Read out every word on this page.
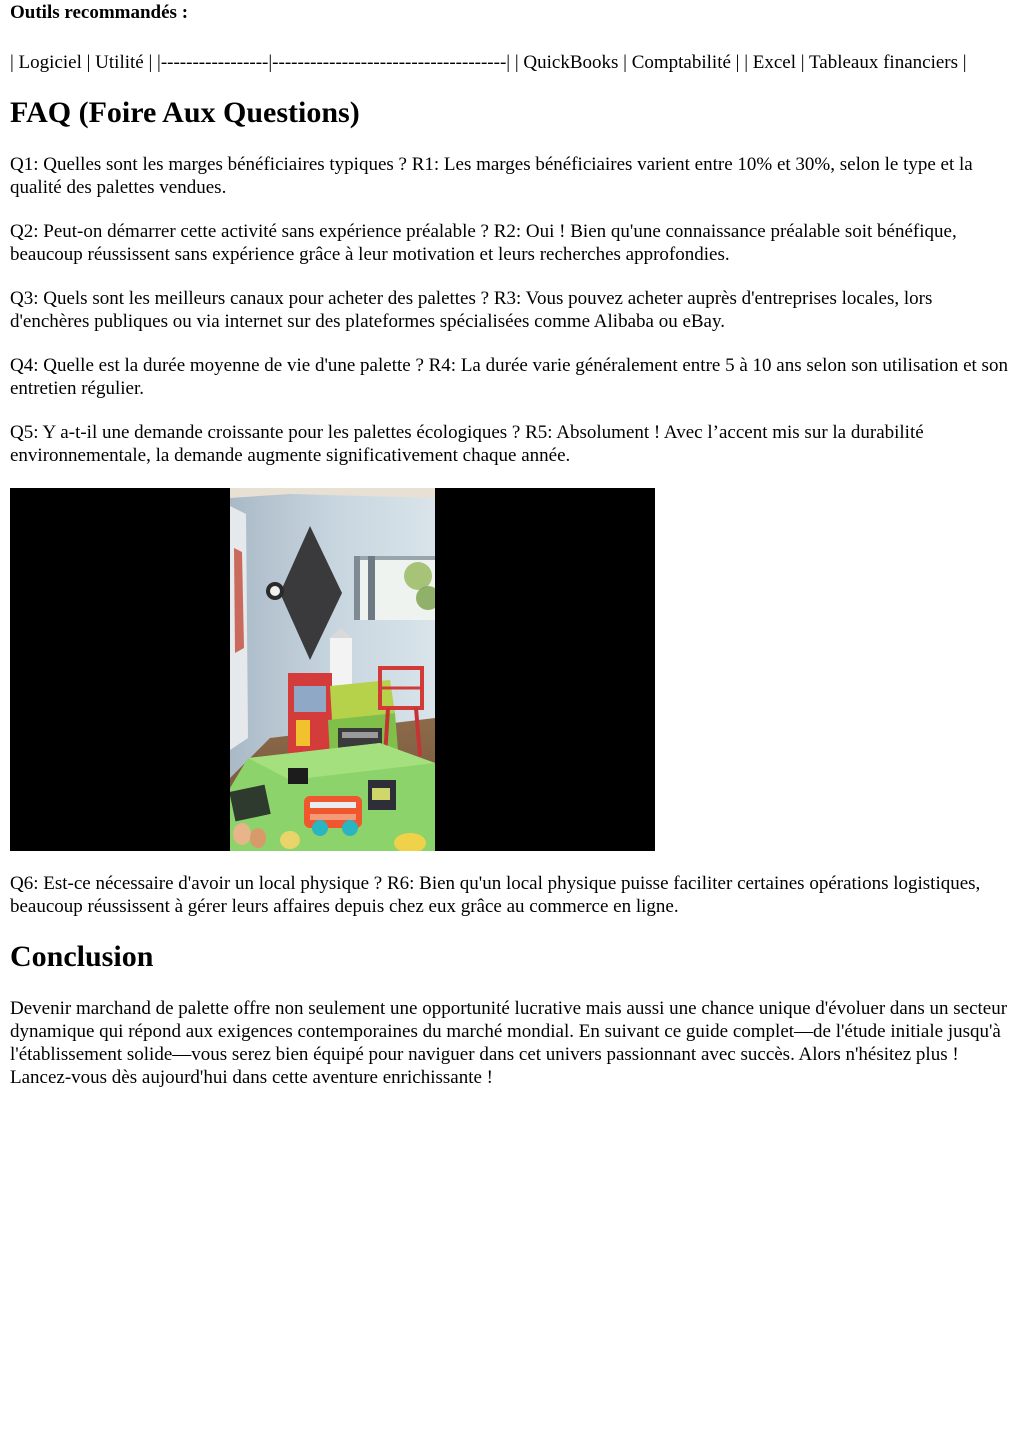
Outils recommandés :

| Logiciel | Utilité | |-----------------|-------------------------------------| | QuickBooks | Comptabilité | | Excel | Tableaux financiers |

FAQ (Foire Aux Questions)

Q1: Quelles sont les marges bénéficiaires typiques ? R1: Les marges bénéficiaires varient entre 10% et 30%, selon le type et la qualité des palettes vendues.

Q2: Peut-on démarrer cette activité sans expérience préalable ? R2: Oui ! Bien qu'une connaissance préalable soit bénéfique, beaucoup réussissent sans expérience grâce à leur motivation et leurs recherches approfondies.

Q3: Quels sont les meilleurs canaux pour acheter des palettes ? R3: Vous pouvez acheter auprès d'entreprises locales, lors d'enchères publiques ou via internet sur des plateformes spécialisées comme Alibaba ou eBay.

Q4: Quelle est la durée moyenne de vie d'une palette ? R4: La durée varie généralement entre 5 à 10 ans selon son utilisation et son entretien régulier.

Q5: Y a-t-il une demande croissante pour les palettes écologiques ? R5: Absolument ! Avec l’accent mis sur la durabilité environnementale, la demande augmente significativement chaque année.

Q6: Est-ce nécessaire d'avoir un local physique ? R6: Bien qu'un local physique puisse faciliter certaines opérations logistiques, beaucoup réussissent à gérer leurs affaires depuis chez eux grâce au commerce en ligne.

Conclusion

Devenir marchand de palette offre non seulement une opportunité lucrative mais aussi une chance unique d'évoluer dans un secteur dynamique qui répond aux exigences contemporaines du marché mondial. En suivant ce guide complet—de l'étude initiale jusqu'à l'établissement solide—vous serez bien équipé pour naviguer dans cet univers passionnant avec succès. Alors n'hésitez plus ! Lancez-vous dès aujourd'hui dans cette aventure enrichissante !
